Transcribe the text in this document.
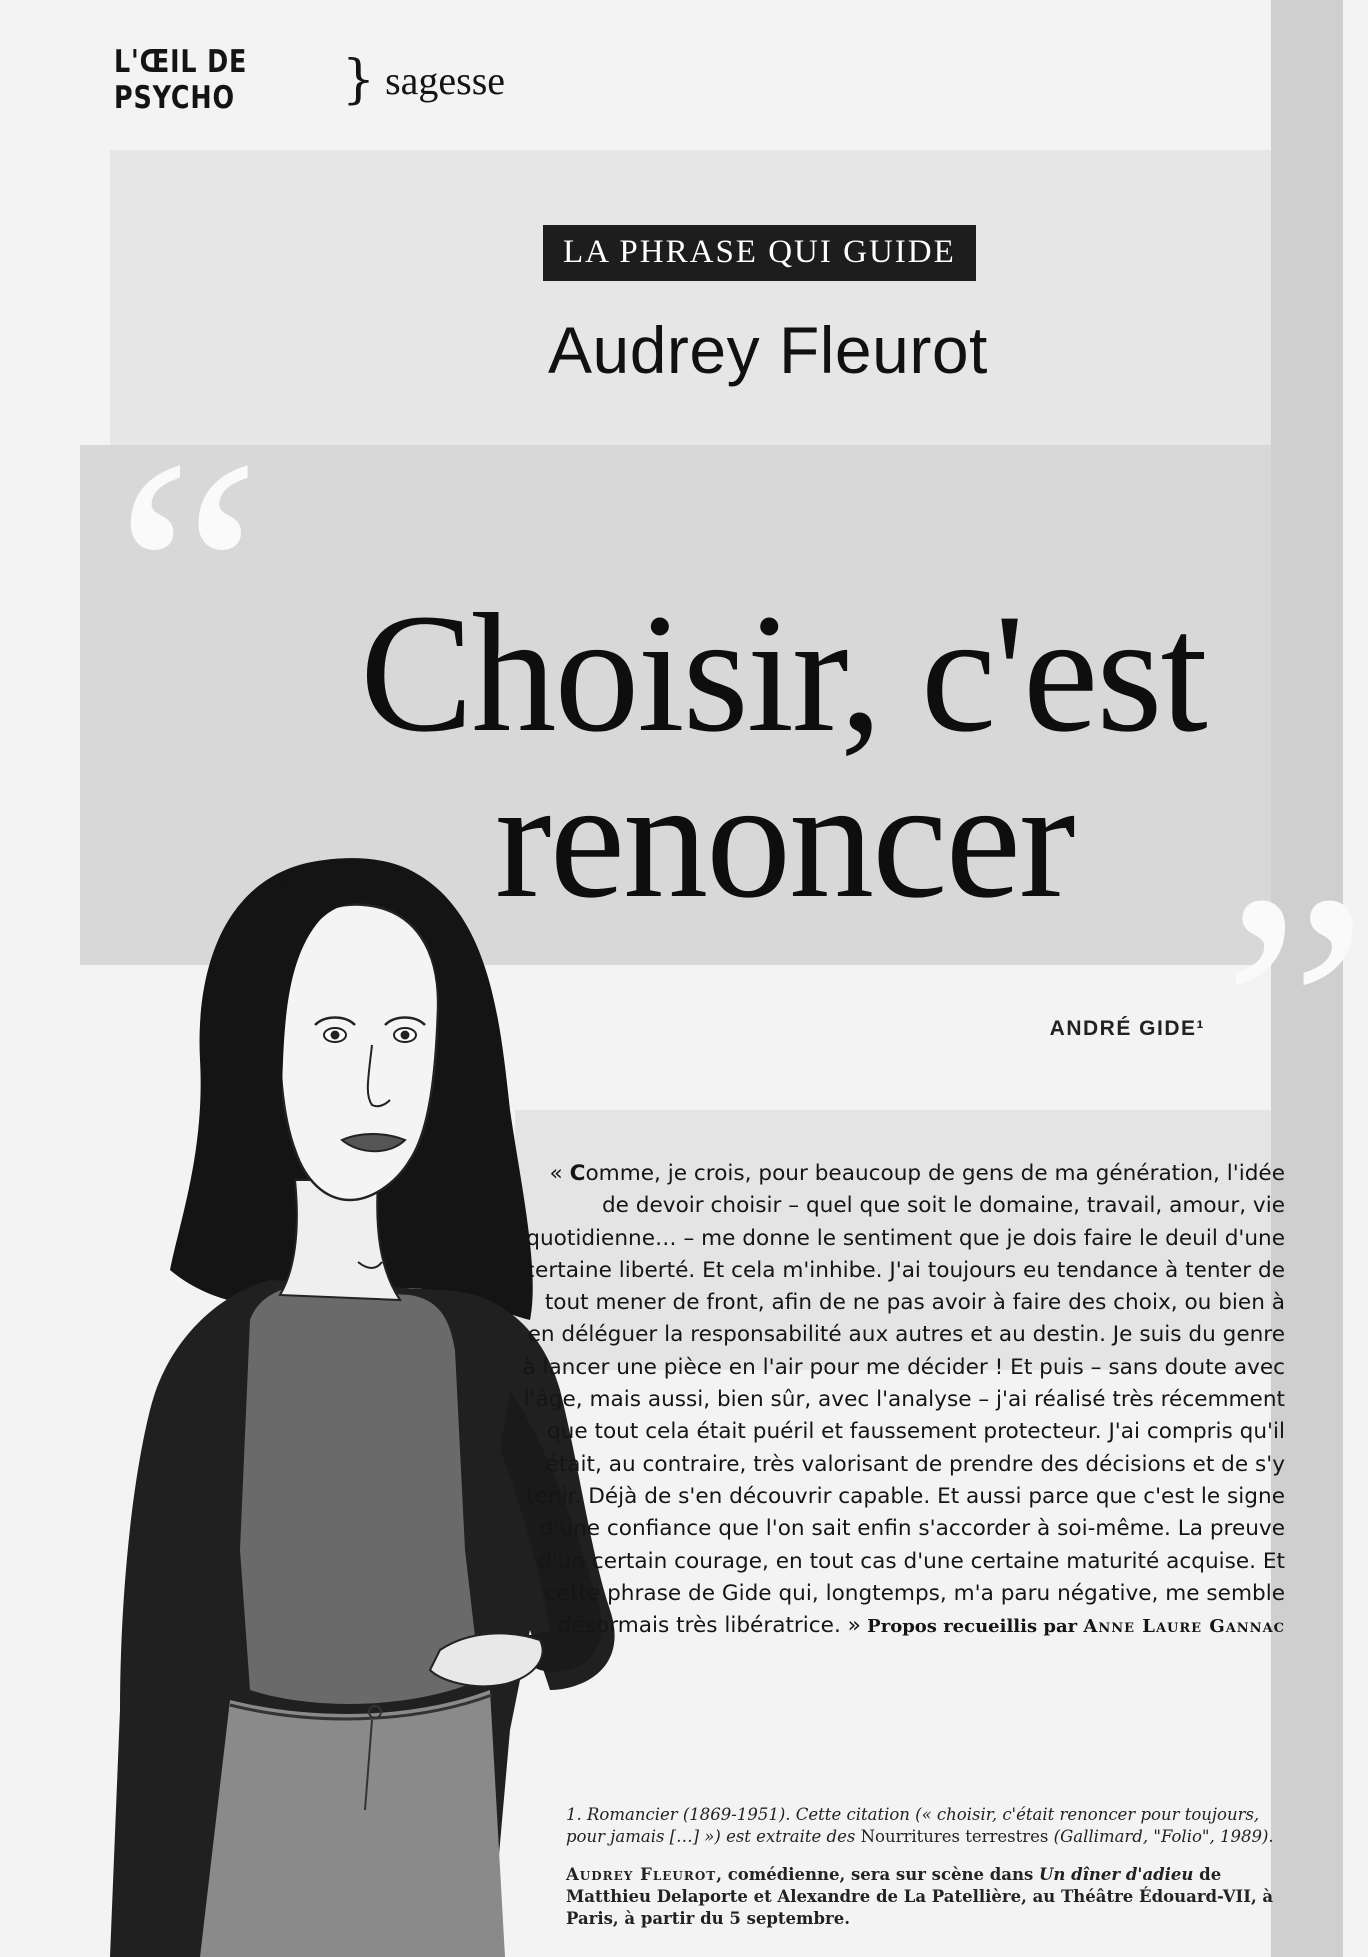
L'ŒIL DE PSYCHO	} sagesse
LA PHRASE QUI GUIDE
Audrey Fleurot
“
”
Choisir, c'est
renoncer
ANDRÉ GIDE¹

« Comme, je crois, pour beaucoup de gens de ma génération, l'idée de devoir choisir – quel que soit le domaine, travail, amour, vie quotidienne… – me donne le sentiment que je dois faire le deuil d'une certaine liberté. Et cela m'inhibe. J'ai toujours eu tendance à tenter de tout mener de front, afin de ne pas avoir à faire des choix, ou bien à en déléguer la responsabilité aux autres et au destin. Je suis du genre à lancer une pièce en l'air pour me décider ! Et puis – sans doute avec l'âge, mais aussi, bien sûr, avec l'analyse – j'ai réalisé très récemment que tout cela était puéril et faussement protecteur. J'ai compris qu'il était, au contraire, très valorisant de prendre des décisions et de s'y tenir. Déjà de s'en découvrir capable. Et aussi parce que c'est le signe d'une confiance que l'on sait enfin s'accorder à soi-même. La preuve d'un certain courage, en tout cas d'une certaine maturité acquise. Et cette phrase de Gide qui, longtemps, m'a paru négative, me semble désormais très libératrice. » Propos recueillis par Anne Laure Gannac

1. Romancier (1869-1951). Cette citation (« choisir, c'était renoncer pour toujours, pour jamais […] ») est extraite des Nourritures terrestres (Gallimard, "Folio", 1989).
Audrey Fleurot, comédienne, sera sur scène dans Un dîner d'adieu de Matthieu Delaporte et Alexandre de La Patellière, au Théâtre Édouard-VII, à Paris, à partir du 5 septembre.
